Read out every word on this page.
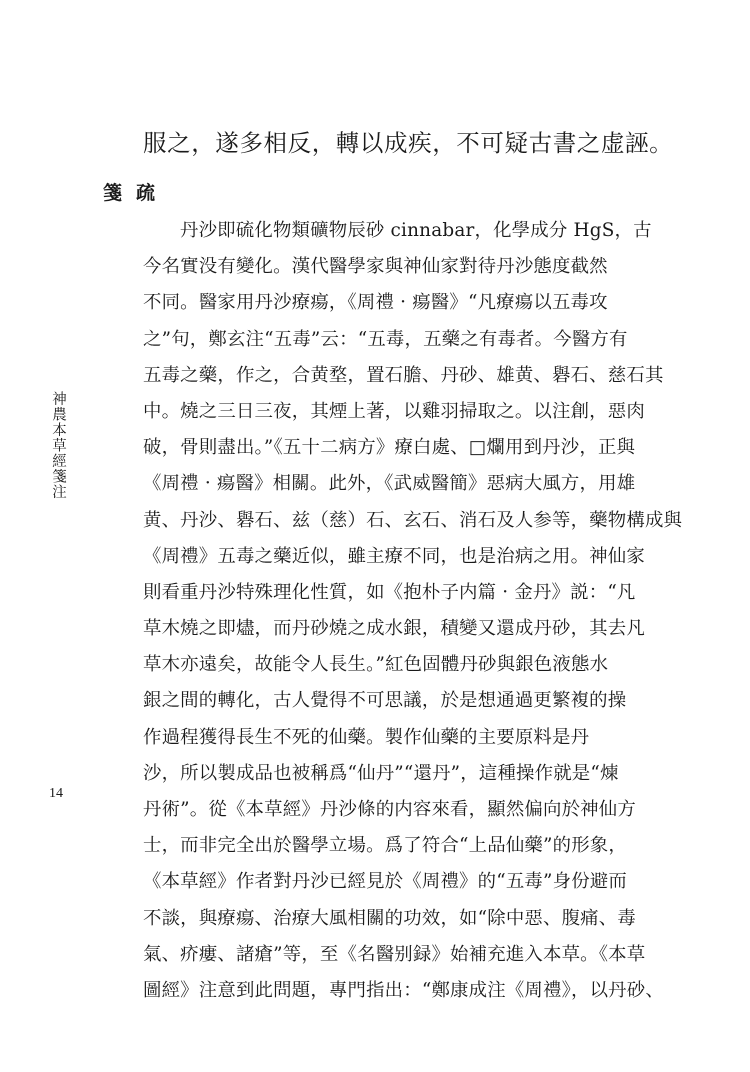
服之，遂多相反，轉以成疾，不可疑古書之虚誣。
箋疏
丹沙即硫化物類礦物辰砂 cinnabar，化學成分 HgS，古
今名實没有變化。漢代醫學家與神仙家對待丹沙態度截然
不同。醫家用丹沙療瘍，《周禮 · 瘍醫》“凡療瘍以五毒攻
之”句，鄭玄注“五毒”云：“五毒，五藥之有毒者。今醫方有
五毒之藥，作之，合黄堥，置石膽、丹砂、雄黄、礜石、慈石其
中。燒之三日三夜，其煙上著，以雞羽掃取之。以注創，惡肉
破，骨則盡出。”《五十二病方》療白處、□爛用到丹沙，正與
《周禮 · 瘍醫》相關。此外，《武威醫簡》惡病大風方，用雄
黄、丹沙、礜石、兹（慈）石、玄石、消石及人参等，藥物構成與
《周禮》五毒之藥近似，雖主療不同，也是治病之用。神仙家
則看重丹沙特殊理化性質，如《抱朴子内篇 · 金丹》説：“凡
草木燒之即燼，而丹砂燒之成水銀，積變又還成丹砂，其去凡
草木亦遠矣，故能令人長生。”紅色固體丹砂與銀色液態水
銀之間的轉化，古人覺得不可思議，於是想通過更繁複的操
作過程獲得長生不死的仙藥。製作仙藥的主要原料是丹
沙，所以製成品也被稱爲“仙丹”“還丹”，這種操作就是“煉
丹術”。從《本草經》丹沙條的内容來看，顯然偏向於神仙方
士，而非完全出於醫學立場。爲了符合“上品仙藥”的形象，
《本草經》作者對丹沙已經見於《周禮》的“五毒”身份避而
不談，與療瘍、治療大風相關的功效，如“除中惡、腹痛、毒
氣、疥瘻、諸瘡”等，至《名醫别録》始補充進入本草。《本草
圖經》注意到此問題，專門指出：“鄭康成注《周禮》，以丹砂、
神農本草經箋注
14
